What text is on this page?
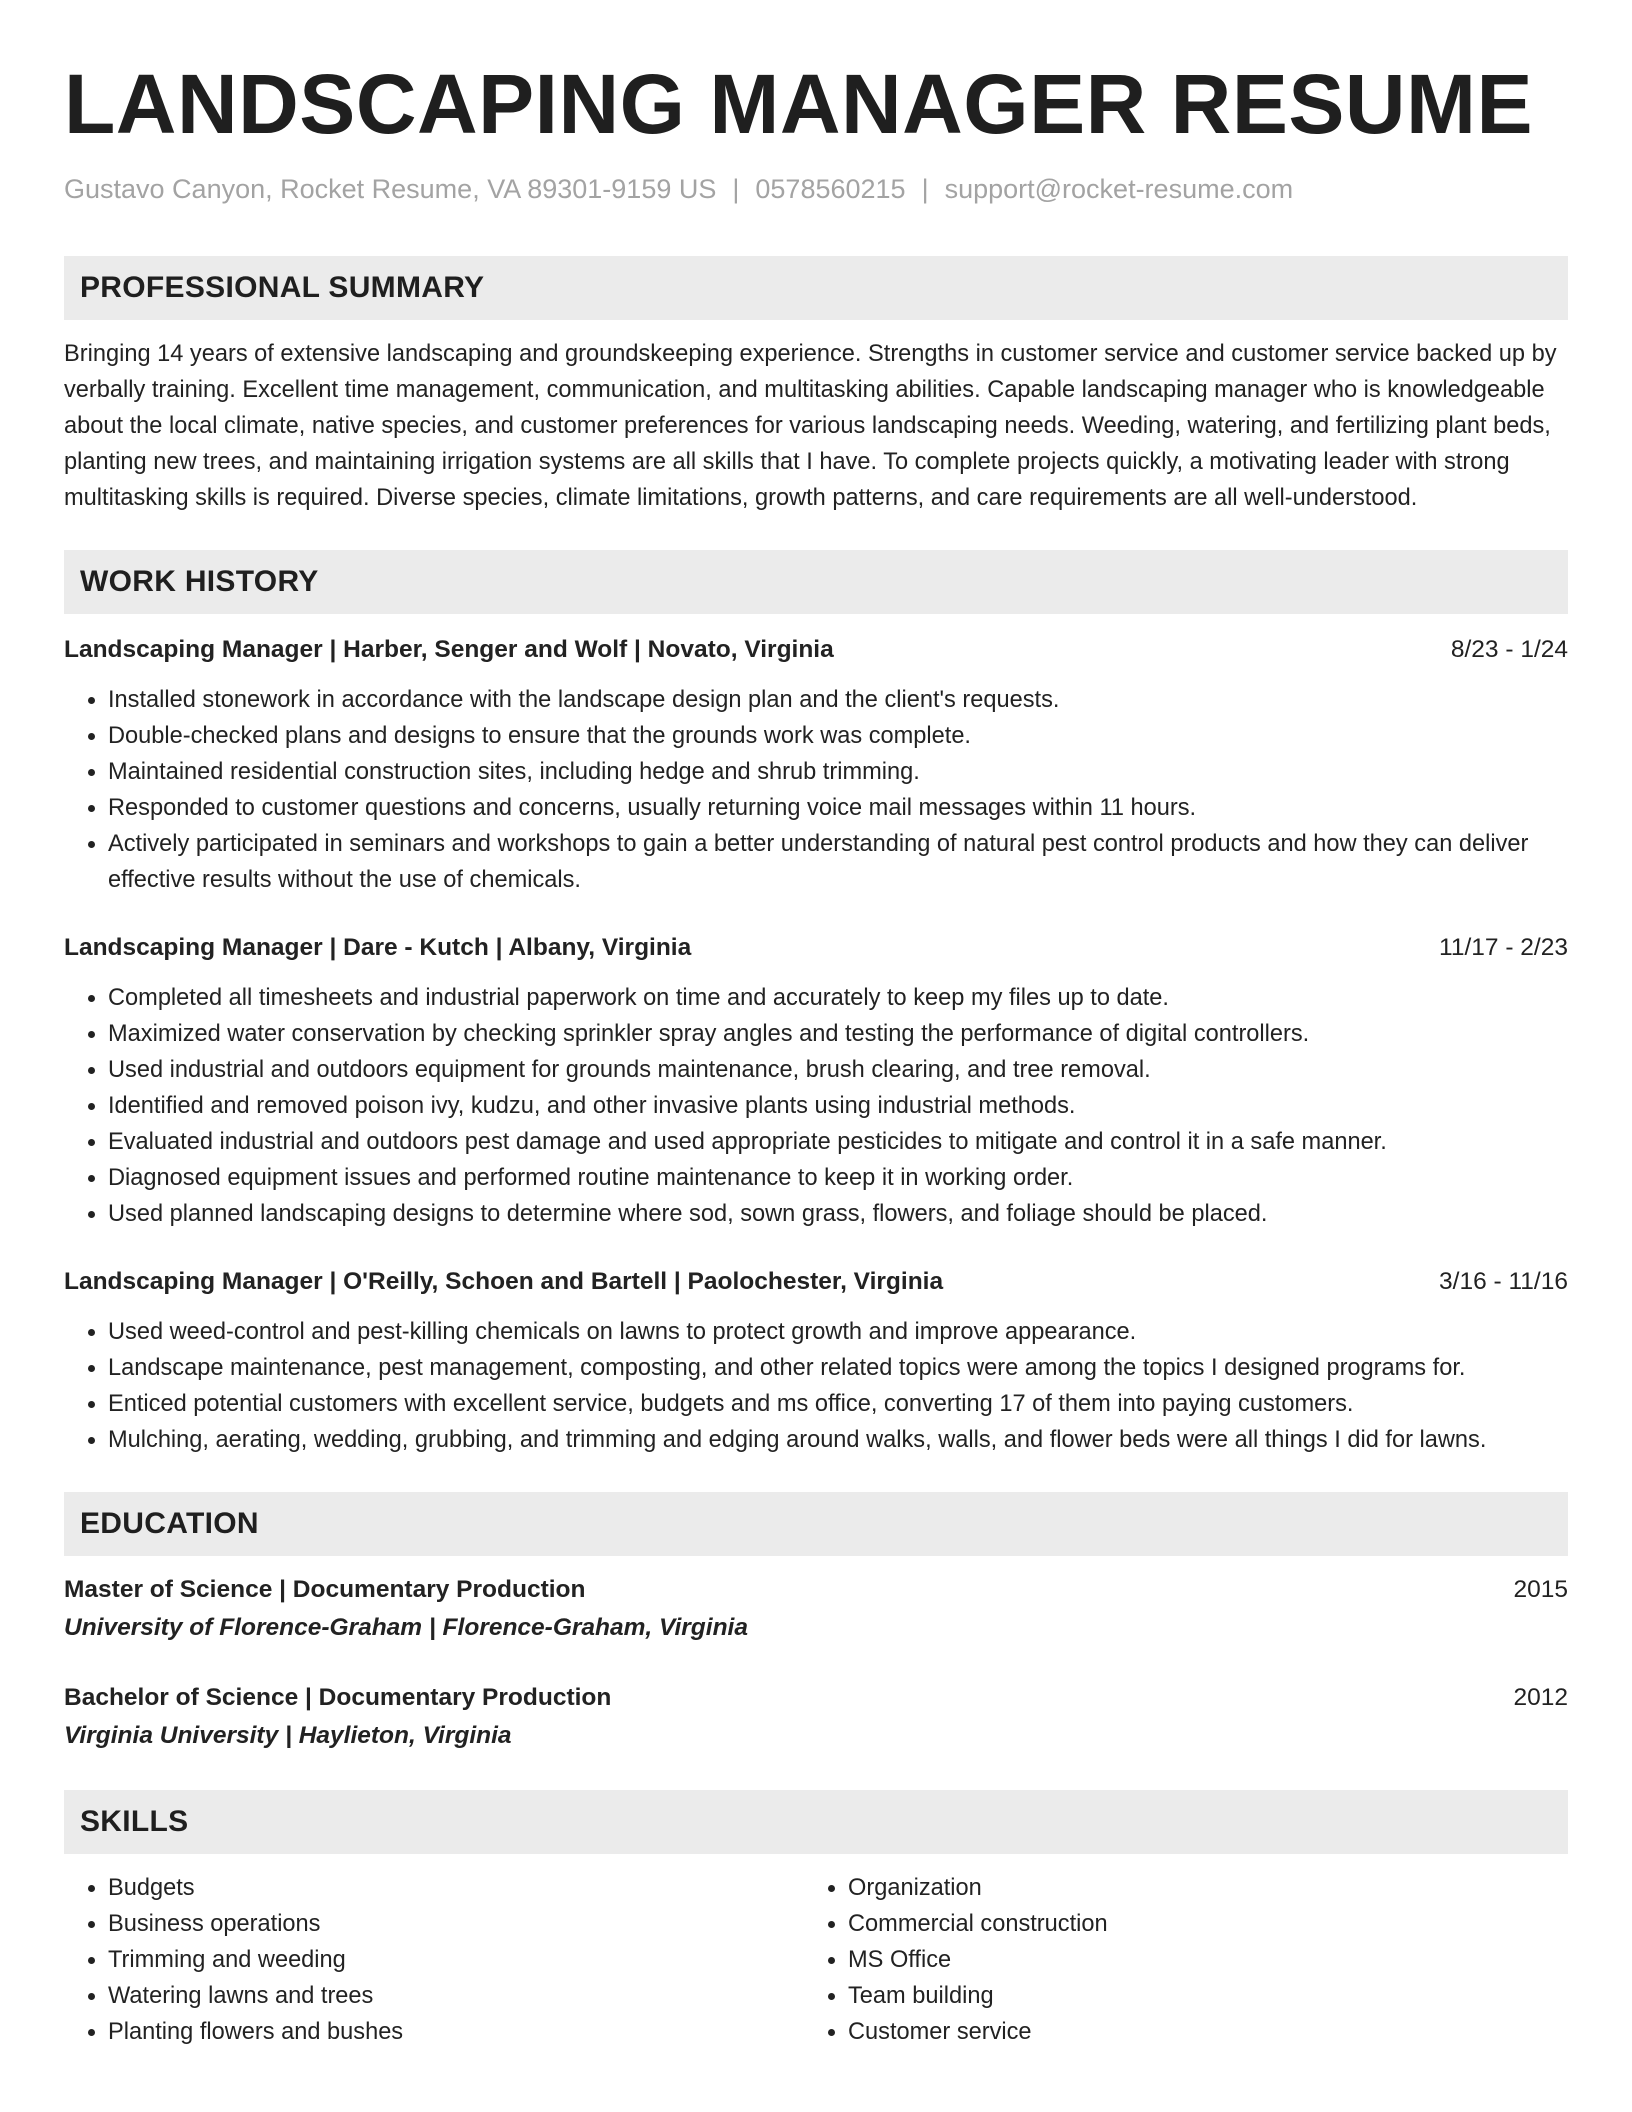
LANDSCAPING MANAGER RESUME
Gustavo Canyon, Rocket Resume, VA 89301-9159 US | 0578560215 | support@rocket-resume.com
PROFESSIONAL SUMMARY
Bringing 14 years of extensive landscaping and groundskeeping experience. Strengths in customer service and customer service backed up by verbally training. Excellent time management, communication, and multitasking abilities. Capable landscaping manager who is knowledgeable about the local climate, native species, and customer preferences for various landscaping needs. Weeding, watering, and fertilizing plant beds, planting new trees, and maintaining irrigation systems are all skills that I have. To complete projects quickly, a motivating leader with strong multitasking skills is required. Diverse species, climate limitations, growth patterns, and care requirements are all well-understood.
WORK HISTORY
Landscaping Manager | Harber, Senger and Wolf | Novato, Virginia	8/23 - 1/24
• Installed stonework in accordance with the landscape design plan and the client's requests.
• Double-checked plans and designs to ensure that the grounds work was complete.
• Maintained residential construction sites, including hedge and shrub trimming.
• Responded to customer questions and concerns, usually returning voice mail messages within 11 hours.
• Actively participated in seminars and workshops to gain a better understanding of natural pest control products and how they can deliver effective results without the use of chemicals.
Landscaping Manager | Dare - Kutch | Albany, Virginia	11/17 - 2/23
• Completed all timesheets and industrial paperwork on time and accurately to keep my files up to date.
• Maximized water conservation by checking sprinkler spray angles and testing the performance of digital controllers.
• Used industrial and outdoors equipment for grounds maintenance, brush clearing, and tree removal.
• Identified and removed poison ivy, kudzu, and other invasive plants using industrial methods.
• Evaluated industrial and outdoors pest damage and used appropriate pesticides to mitigate and control it in a safe manner.
• Diagnosed equipment issues and performed routine maintenance to keep it in working order.
• Used planned landscaping designs to determine where sod, sown grass, flowers, and foliage should be placed.
Landscaping Manager | O'Reilly, Schoen and Bartell | Paolochester, Virginia	3/16 - 11/16
• Used weed-control and pest-killing chemicals on lawns to protect growth and improve appearance.
• Landscape maintenance, pest management, composting, and other related topics were among the topics I designed programs for.
• Enticed potential customers with excellent service, budgets and ms office, converting 17 of them into paying customers.
• Mulching, aerating, wedding, grubbing, and trimming and edging around walks, walls, and flower beds were all things I did for lawns.
EDUCATION
Master of Science | Documentary Production	2015
University of Florence-Graham | Florence-Graham, Virginia
Bachelor of Science | Documentary Production	2012
Virginia University | Haylieton, Virginia
SKILLS
• Budgets
• Business operations
• Trimming and weeding
• Watering lawns and trees
• Planting flowers and bushes
• Organization
• Commercial construction
• MS Office
• Team building
• Customer service
